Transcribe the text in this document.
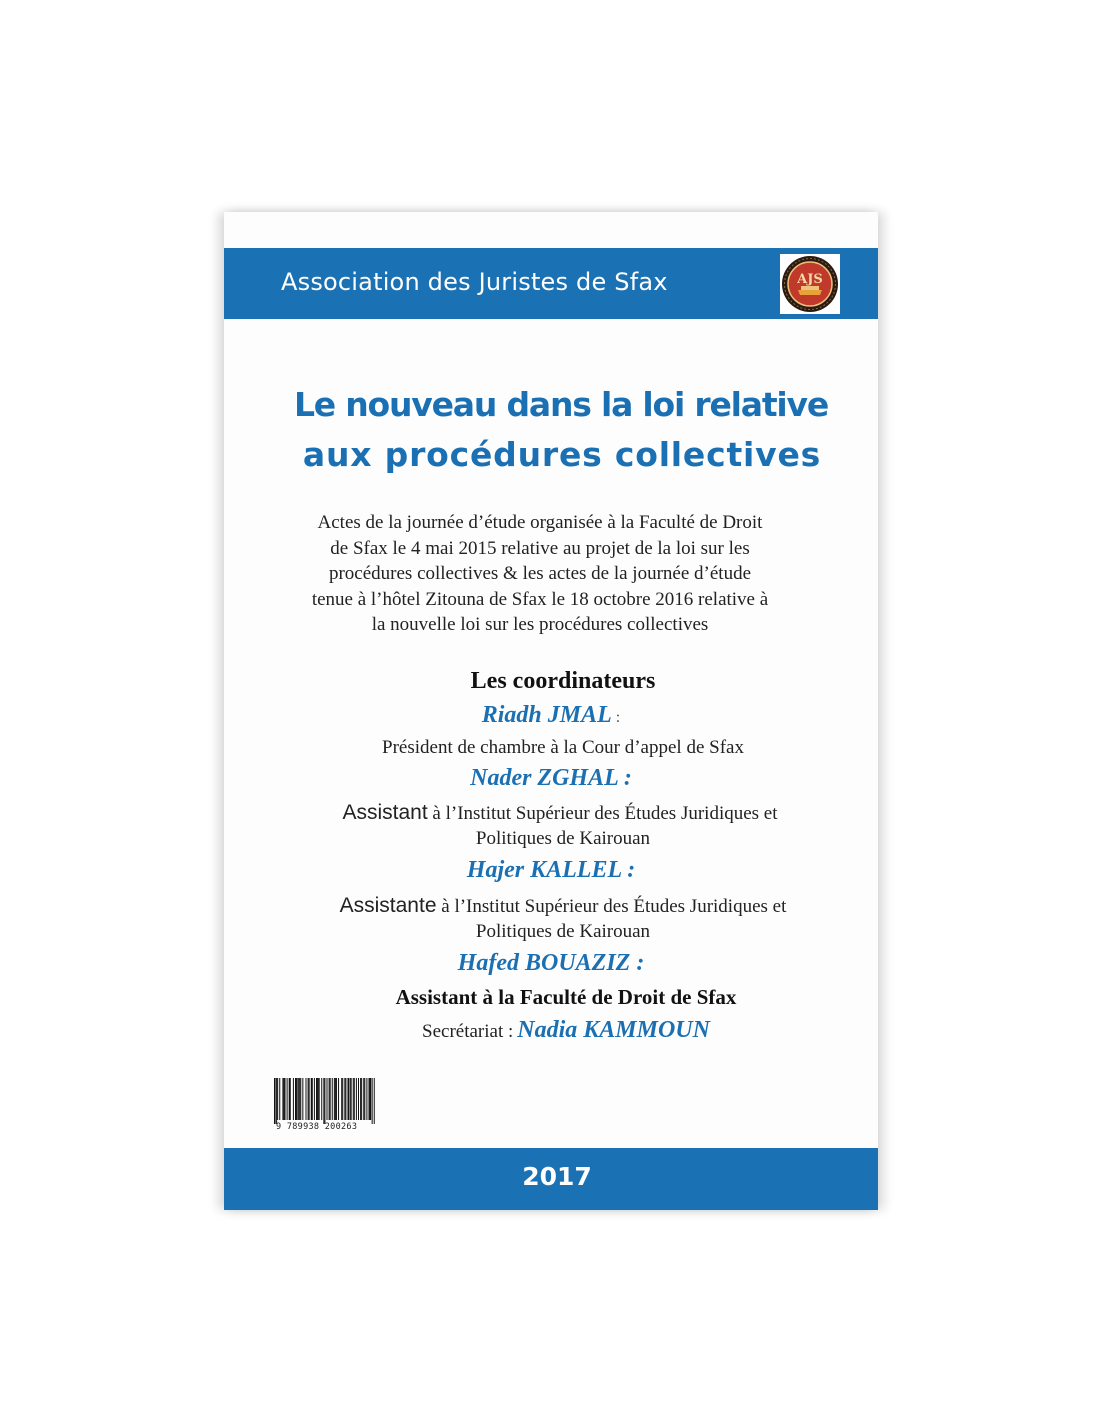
Association des Juristes de Sfax	AJS
Le nouveau dans la loi relative
aux procédures collectives
Actes de la journée d’étude organisée à la Faculté de Droit
de Sfax le 4 mai 2015 relative au projet de la loi sur les
procédures collectives & les actes de la journée d’étude
tenue à l’hôtel Zitouna de Sfax le 18 octobre 2016 relative à
la nouvelle loi sur les procédures collectives
Les coordinateurs
Riadh JMAL :
Président de chambre à la Cour d’appel de Sfax
Nader ZGHAL :
Assistant à l’Institut Supérieur des Études Juridiques et
Politiques de Kairouan
Hajer KALLEL :
Assistante à l’Institut Supérieur des Études Juridiques et
Politiques de Kairouan
Hafed BOUAZIZ :
Assistant à la Faculté de Droit de Sfax
Secrétariat : Nadia KAMMOUN
9 789938 200263
2017
